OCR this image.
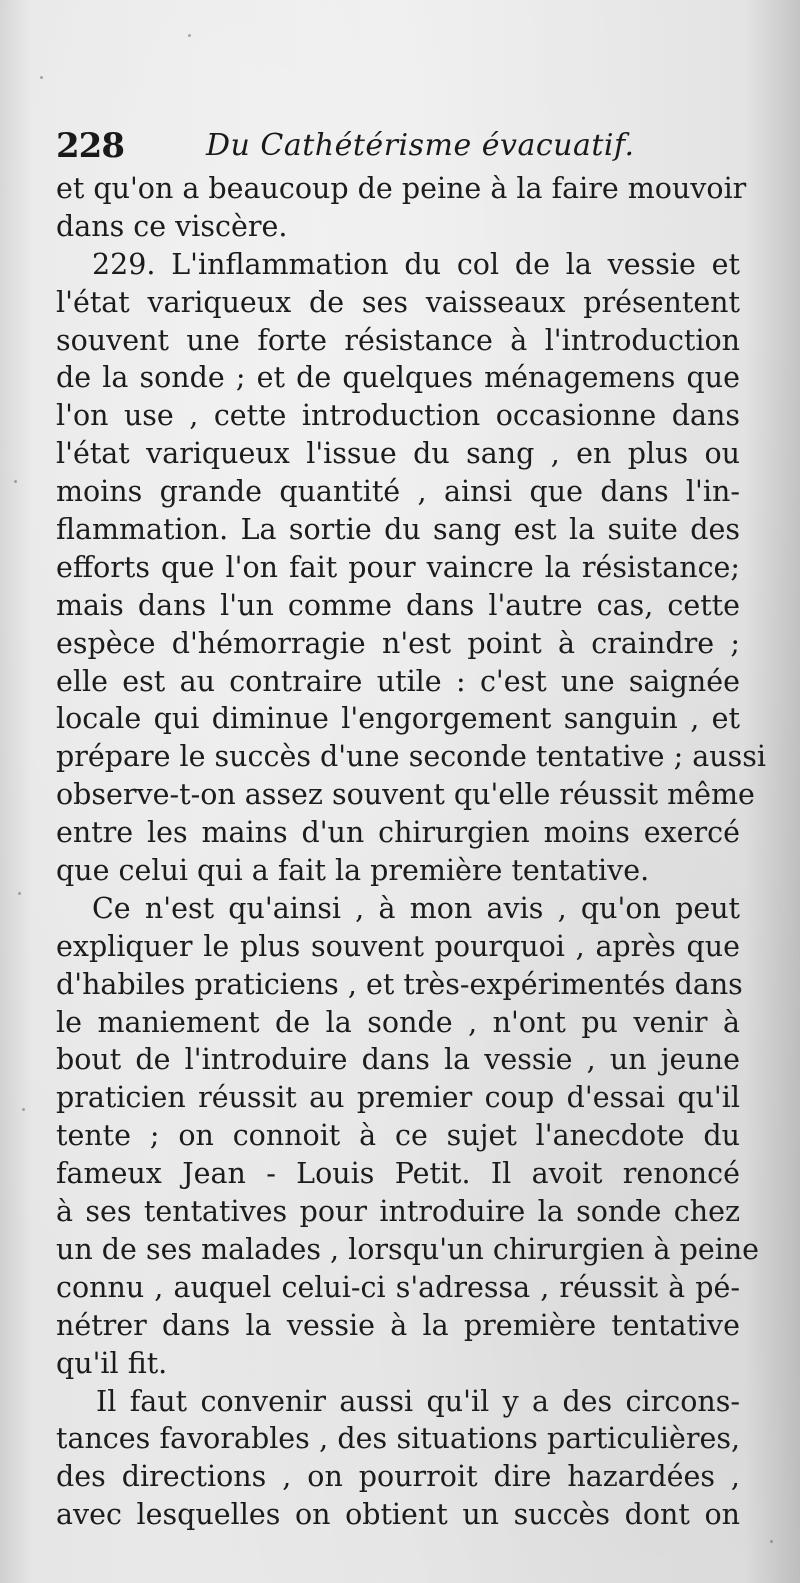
228	Du Cathétérisme évacuatif.
et qu'on a beaucoup de peine à la faire mouvoir
dans ce viscère.
229. L'inflammation du col de la vessie et
l'état variqueux de ses vaisseaux présentent
souvent une forte résistance à l'introduction
de la sonde ; et de quelques ménagemens que
l'on use , cette introduction occasionne dans
l'état variqueux l'issue du sang , en plus ou
moins grande quantité , ainsi que dans l'in-
flammation. La sortie du sang est la suite des
efforts que l'on fait pour vaincre la résistance;
mais dans l'un comme dans l'autre cas, cette
espèce d'hémorragie n'est point à craindre ;
elle est au contraire utile : c'est une saignée
locale qui diminue l'engorgement sanguin , et
prépare le succès d'une seconde tentative ; aussi
observe-t-on assez souvent qu'elle réussit même
entre les mains d'un chirurgien moins exercé
que celui qui a fait la première tentative.
Ce n'est qu'ainsi , à mon avis , qu'on peut
expliquer le plus souvent pourquoi , après que
d'habiles praticiens , et très-expérimentés dans
le maniement de la sonde , n'ont pu venir à
bout de l'introduire dans la vessie , un jeune
praticien réussit au premier coup d'essai qu'il
tente ; on connoit à ce sujet l'anecdote du
fameux Jean - Louis Petit. Il avoit renoncé
à ses tentatives pour introduire la sonde chez
un de ses malades , lorsqu'un chirurgien à peine
connu , auquel celui-ci s'adressa , réussit à pé-
nétrer dans la vessie à la première tentative
qu'il fit.
Il faut convenir aussi qu'il y a des circons-
tances favorables , des situations particulières,
des directions , on pourroit dire hazardées ,
avec lesquelles on obtient un succès dont on
